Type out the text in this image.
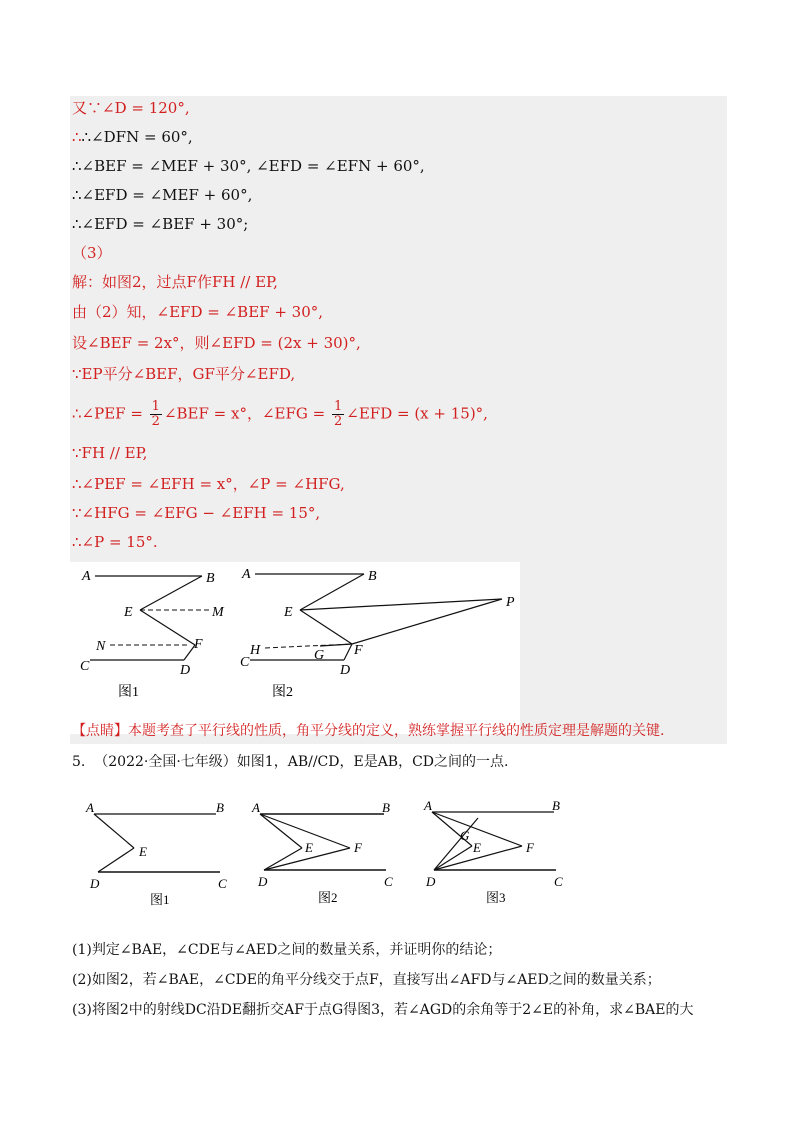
又∵∠D = 120°,
∴∴∠DFN = 60°,
∴∠BEF = ∠MEF + 30°, ∠EFD = ∠EFN + 60°,
∴∠EFD = ∠MEF + 60°,
∴∠EFD = ∠BEF + 30°;
（3）
解：如图2，过点F作FH // EP,
由（2）知，∠EFD = ∠BEF + 30°,
设∠BEF = 2x°，则∠EFD = (2x + 30)°,
∵EP平分∠BEF，GF平分∠EFD,
∴∠PEF = $\frac{1}{2}$ ∠BEF = x°，∠EFG = $\frac{1}{2}$ ∠EFD = (x + 15)°,
∵FH // EP,
∴∠PEF = ∠EFH = x°，∠P = ∠HFG,
∵∠HFG = ∠EFG − ∠EFH = 15°,
∴∠P = 15°.
A	B
E	M
N	F
C	D
图1
A	B
E
P
H	G F
C
D
图2
【点睛】本题考查了平行线的性质，角平分线的定义，熟练掌握平行线的性质定理是解题的关键.
5. （2022·全国·七年级）如图1，AB//CD，E是AB，CD之间的一点.
A	B
E
D	C
图1
A	B
E	F
D	C
图2
A	B
G
E	F
D	C
图3
(1)判定∠BAE，∠CDE与∠AED之间的数量关系，并证明你的结论；
(2)如图2，若∠BAE，∠CDE的角平分线交于点F，直接写出∠AFD与∠AED之间的数量关系；
(3)将图2中的射线DC沿DE翻折交AF于点G得图3，若∠AGD的余角等于2∠E的补角，求∠BAE的大
